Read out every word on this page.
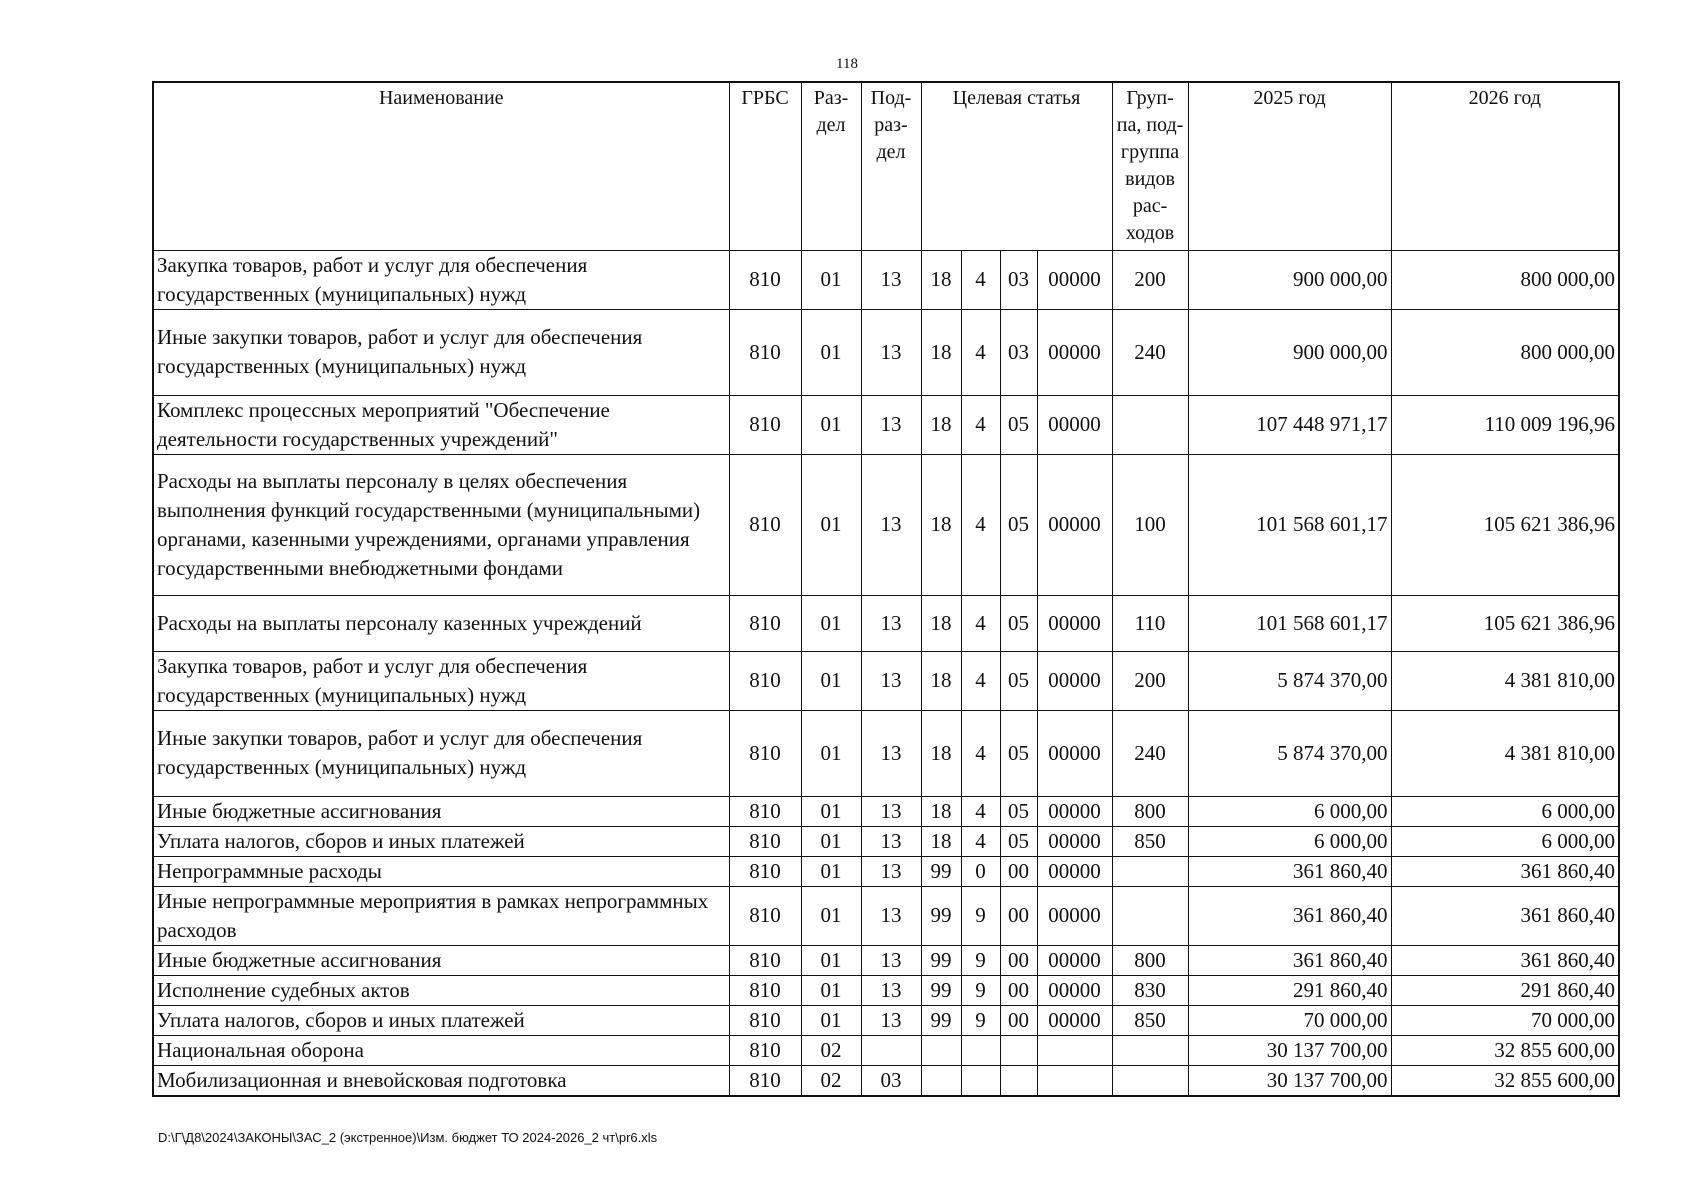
118
Наименование	ГРБС	Раз-дел	Под-раз-дел	Целевая статья				Груп-па, под-группа видов рас-ходов	2025 год	2026 год
Закупка товаров, работ и услуг для обеспечения государственных (муниципальных) нужд	810	01	13	18	4	03	00000	200	900 000,00	800 000,00
Иные закупки товаров, работ и услуг для обеспечения государственных (муниципальных) нужд	810	01	13	18	4	03	00000	240	900 000,00	800 000,00
Комплекс процессных мероприятий "Обеспечение деятельности государственных учреждений"	810	01	13	18	4	05	00000		107 448 971,17	110 009 196,96
Расходы на выплаты персоналу в целях обеспечения выполнения функций государственными (муниципальными) органами, казенными учреждениями, органами управления государственными внебюджетными фондами	810	01	13	18	4	05	00000	100	101 568 601,17	105 621 386,96
Расходы на выплаты персоналу казенных учреждений	810	01	13	18	4	05	00000	110	101 568 601,17	105 621 386,96
Закупка товаров, работ и услуг для обеспечения государственных (муниципальных) нужд	810	01	13	18	4	05	00000	200	5 874 370,00	4 381 810,00
Иные закупки товаров, работ и услуг для обеспечения государственных (муниципальных) нужд	810	01	13	18	4	05	00000	240	5 874 370,00	4 381 810,00
Иные бюджетные ассигнования	810	01	13	18	4	05	00000	800	6 000,00	6 000,00
Уплата налогов, сборов и иных платежей	810	01	13	18	4	05	00000	850	6 000,00	6 000,00
Непрограммные расходы	810	01	13	99	0	00	00000		361 860,40	361 860,40
Иные непрограммные мероприятия в рамках непрограммных расходов	810	01	13	99	9	00	00000		361 860,40	361 860,40
Иные бюджетные ассигнования	810	01	13	99	9	00	00000	800	361 860,40	361 860,40
Исполнение судебных актов	810	01	13	99	9	00	00000	830	291 860,40	291 860,40
Уплата налогов, сборов и иных платежей	810	01	13	99	9	00	00000	850	70 000,00	70 000,00
Национальная оборона	810	02							30 137 700,00	32 855 600,00
Мобилизационная и вневойсковая подготовка	810	02	03						30 137 700,00	32 855 600,00
D:\Г\Д8\2024\ЗАКОНЫ\ЗАС_2 (экстренное)\Изм. бюджет ТО 2024-2026_2 чт\pr6.xls
